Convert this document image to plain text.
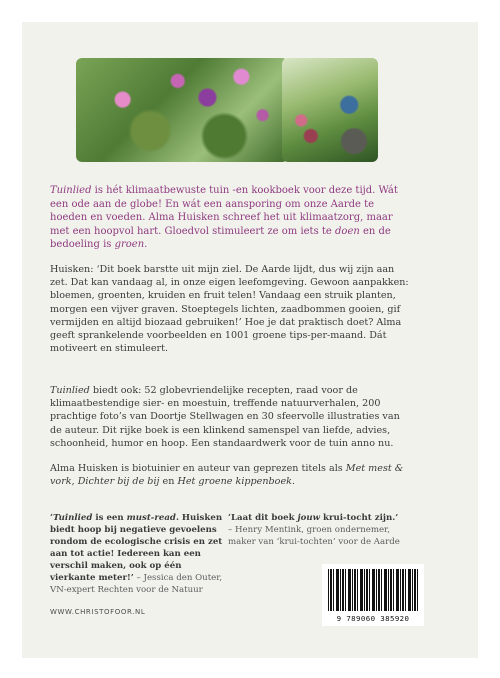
Tuinlied is hét klimaatbewuste tuin -en kookboek voor deze tijd. Wát een ode aan de globe! En wát een aansporing om onze Aarde te hoeden en voeden. Alma Huisken schreef het uit klimaatzorg, maar met een hoopvol hart. Gloedvol stimuleert ze om iets te doen en de bedoeling is groen.

Huisken: ‘Dit boek barstte uit mijn ziel. De Aarde lijdt, dus wij zijn aan zet. Dat kan vandaag al, in onze eigen leefomgeving. Gewoon aanpakken: bloemen, groenten, kruiden en fruit telen! Vandaag een struik planten, morgen een vijver graven. Stoeptegels lichten, zaadbommen gooien, gif vermijden en altijd biozaad gebruiken!’ Hoe je dat praktisch doet? Alma geeft sprankelende voorbeelden en 1001 groene tips-per-maand. Dát motiveert en stimuleert.

Tuinlied biedt ook: 52 globevriendelijke recepten, raad voor de klimaatbestendige sier- en moestuin, treffende natuurverhalen, 200 prachtige foto’s van Doortje Stellwagen en 30 sfeervolle illustraties van de auteur. Dit rijke boek is een klinkend samenspel van liefde, advies, schoonheid, humor en hoop. Een standaardwerk voor de tuin anno nu.

Alma Huisken is biotuinier en auteur van geprezen titels als Met mest & vork, Dichter bij de bij en Het groene kippenboek.

‘Tuinlied is een must-read. Huisken biedt hoop bij negatieve gevoelens rondom de ecologische crisis en zet aan tot actie! Iedereen kan een verschil maken, ook op één vierkante meter!’ – Jessica den Outer, VN-expert Rechten voor de Natuur

‘Laat dit boek jouw krui-tocht zijn.’
– Henry Mentink, groen ondernemer, maker van ‘krui-tochten’ voor de Aarde

WWW.CHRISTOFOOR.NL
9 789060 385920
